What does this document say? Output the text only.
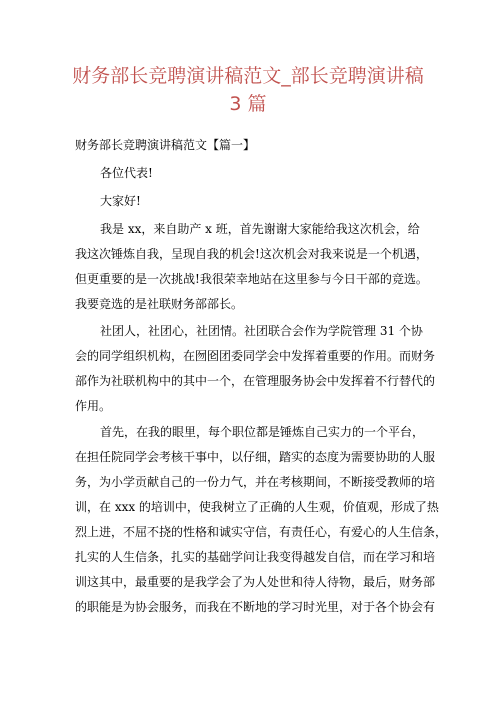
财务部长竞聘演讲稿范文_部长竞聘演讲稿
3 篇
财务部长竞聘演讲稿范文【篇一】

各位代表!

大家好!

我是 xx，来自助产 x 班，首先谢谢大家能给我这次机会，给

我这次锤炼自我，呈现自我的机会!这次机会对我来说是一个机遇，

但更重要的是一次挑战!我很荣幸地站在这里参与今日干部的竞选。

我要竞选的是社联财务部部长。

社团人，社团心，社团情。社团联合会作为学院管理 31 个协

会的同学组织机构，在囫囵团委同学会中发挥着重要的作用。而财务

部作为社联机构中的其中一个，在管理服务协会中发挥着不行替代的

作用。

首先，在我的眼里，每个职位都是锤炼自己实力的一个平台，

在担任院同学会考核干事中，以仔细，踏实的态度为需要协助的人服

务，为小学贡献自己的一份力气，并在考核期间，不断接受教师的培

训，在 xxx 的培训中，使我树立了正确的人生观，价值观，形成了热

烈上进，不屈不挠的性格和诚实守信，有责任心，有爱心的人生信条，

扎实的人生信条，扎实的基础学问让我变得越发自信，而在学习和培

训这其中，最重要的是我学会了为人处世和待人待物，最后，财务部

的职能是为协会服务，而我在不断地的学习时光里，对于各个协会有
